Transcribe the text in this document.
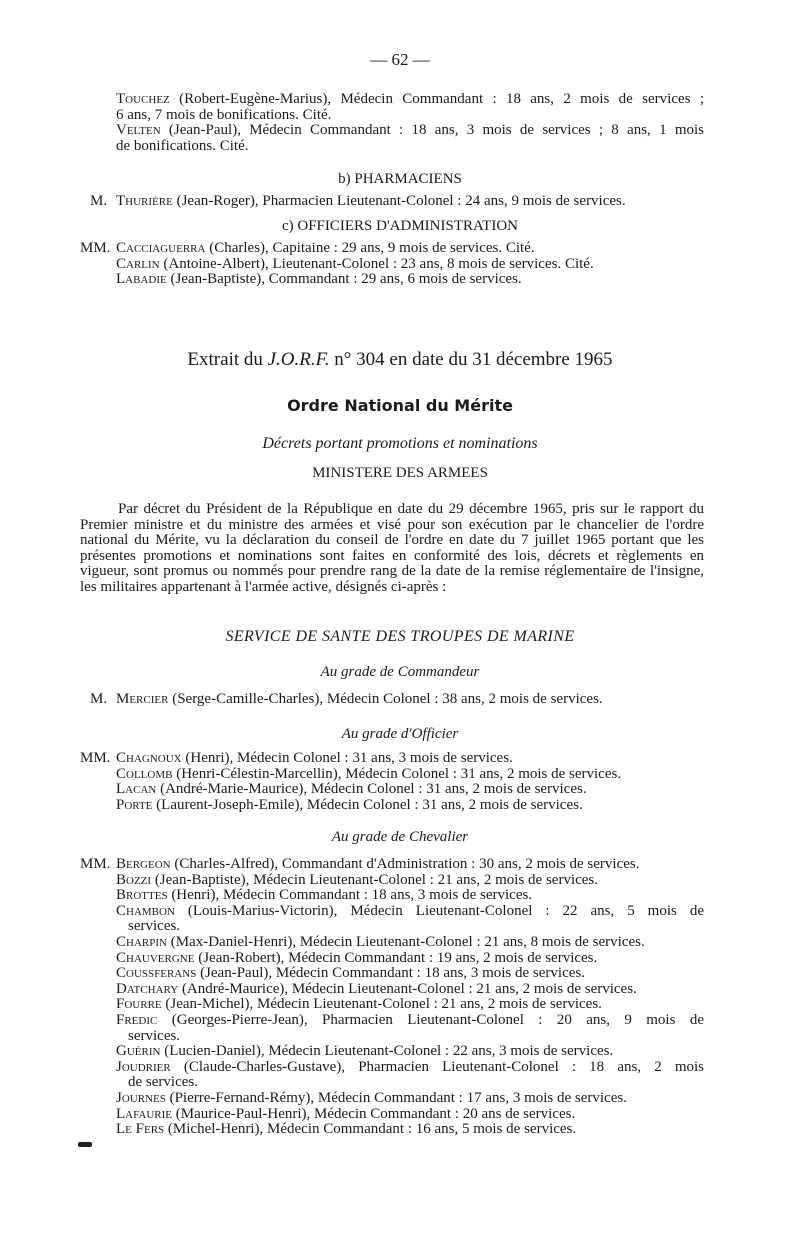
— 62 —
Touchez (Robert-Eugène-Marius), Médecin Commandant : 18 ans, 2 mois de services ;
6 ans, 7 mois de bonifications. Cité.
Velten (Jean-Paul), Médecin Commandant : 18 ans, 3 mois de services ; 8 ans, 1 mois
de bonifications. Cité.
b) PHARMACIENS
M. Thurière (Jean-Roger), Pharmacien Lieutenant-Colonel : 24 ans, 9 mois de services.
c) OFFICIERS D'ADMINISTRATION
MM. Cacciaguerra (Charles), Capitaine : 29 ans, 9 mois de services. Cité.
Carlin (Antoine-Albert), Lieutenant-Colonel : 23 ans, 8 mois de services. Cité.
Labadie (Jean-Baptiste), Commandant : 29 ans, 6 mois de services.
Extrait du J.O.R.F. n° 304 en date du 31 décembre 1965
Ordre National du Mérite
Décrets portant promotions et nominations
MINISTERE DES ARMEES
Par décret du Président de la République en date du 29 décembre 1965, pris sur le rapport du Premier ministre et du ministre des armées et visé pour son exécution par le chancelier de l'ordre national du Mérite, vu la déclaration du conseil de l'ordre en date du 7 juillet 1965 portant que les présentes promotions et nominations sont faites en conformité des lois, décrets et règlements en vigueur, sont promus ou nommés pour prendre rang de la date de la remise réglementaire de l'insigne, les militaires appartenant à l'armée active, désignés ci-après :
SERVICE DE SANTE DES TROUPES DE MARINE
Au grade de Commandeur
M. Mercier (Serge-Camille-Charles), Médecin Colonel : 38 ans, 2 mois de services.
Au grade d'Officier
MM. Chagnoux (Henri), Médecin Colonel : 31 ans, 3 mois de services.
Collomb (Henri-Célestin-Marcellin), Médecin Colonel : 31 ans, 2 mois de services.
Lacan (André-Marie-Maurice), Médecin Colonel : 31 ans, 2 mois de services.
Porte (Laurent-Joseph-Emile), Médecin Colonel : 31 ans, 2 mois de services.
Au grade de Chevalier
MM. Bergeon (Charles-Alfred), Commandant d'Administration : 30 ans, 2 mois de services.
Bozzi (Jean-Baptiste), Médecin Lieutenant-Colonel : 21 ans, 2 mois de services.
Brottes (Henri), Médecin Commandant : 18 ans, 3 mois de services.
Chambon (Louis-Marius-Victorin), Médecin Lieutenant-Colonel : 22 ans, 5 mois de
services.
Charpin (Max-Daniel-Henri), Médecin Lieutenant-Colonel : 21 ans, 8 mois de services.
Chauvergne (Jean-Robert), Médecin Commandant : 19 ans, 2 mois de services.
Coussferans (Jean-Paul), Médecin Commandant : 18 ans, 3 mois de services.
Datchary (André-Maurice), Médecin Lieutenant-Colonel : 21 ans, 2 mois de services.
Fourre (Jean-Michel), Médecin Lieutenant-Colonel : 21 ans, 2 mois de services.
Fredic (Georges-Pierre-Jean), Pharmacien Lieutenant-Colonel : 20 ans, 9 mois de
services.
Guérin (Lucien-Daniel), Médecin Lieutenant-Colonel : 22 ans, 3 mois de services.
Joudrier (Claude-Charles-Gustave), Pharmacien Lieutenant-Colonel : 18 ans, 2 mois
de services.
Journes (Pierre-Fernand-Rémy), Médecin Commandant : 17 ans, 3 mois de services.
Lafaurie (Maurice-Paul-Henri), Médecin Commandant : 20 ans de services.
Le Fers (Michel-Henri), Médecin Commandant : 16 ans, 5 mois de services.
